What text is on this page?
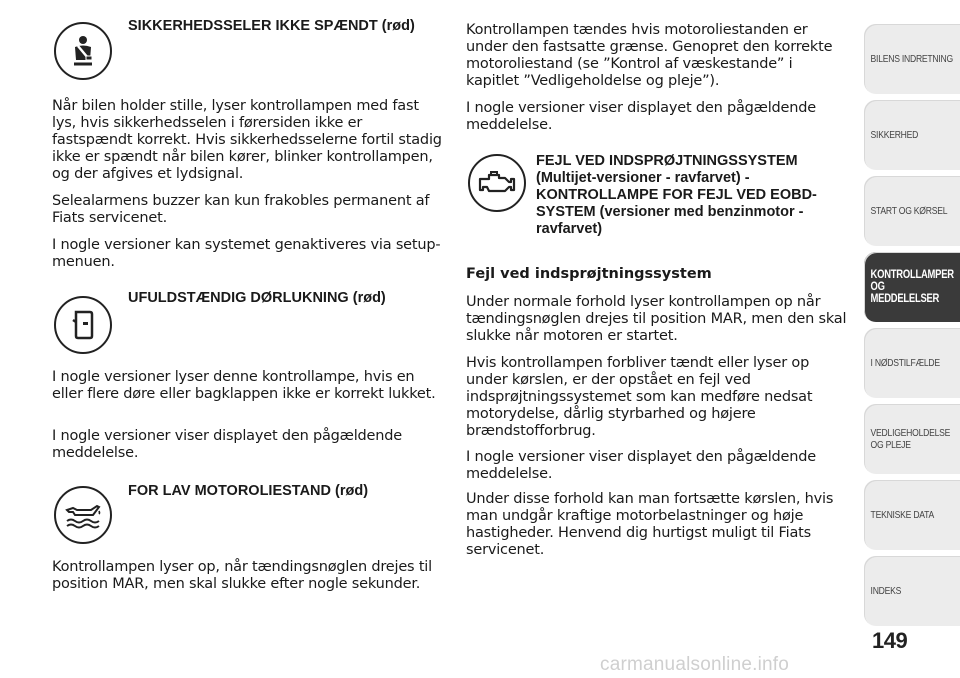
SIKKERHEDSSELER IKKE SPÆNDT (rød)

Når bilen holder stille, lyser kontrollampen med fast lys, hvis sikkerhedsselen i førersiden ikke er fastspændt korrekt. Hvis sikkerhedsselerne fortil stadig ikke er spændt når bilen kører, blinker kontrollampen, og der afgives et lydsignal.

Selealarmens buzzer kan kun frakobles permanent af Fiats servicenet.

I nogle versioner kan systemet genaktiveres via setup-menuen.

UFULDSTÆNDIG DØRLUKNING (rød)

I nogle versioner lyser denne kontrollampe, hvis en eller flere døre eller bagklappen ikke er korrekt lukket.

I nogle versioner viser displayet den pågældende meddelelse.

FOR LAV MOTOROLIESTAND (rød)

Kontrollampen lyser op, når tændingsnøglen drejes til position MAR, men skal slukke efter nogle sekunder.

Kontrollampen tændes hvis motoroliestanden er under den fastsatte grænse. Genopret den korrekte motoroliestand (se ”Kontrol af væskestande” i kapitlet ”Vedligeholdelse og pleje”).

I nogle versioner viser displayet den pågældende meddelelse.

FEJL VED INDSPRØJTNINGSSYSTEM (Multijet-versioner - ravfarvet) - KONTROLLAMPE FOR FEJL VED EOBD-SYSTEM (versioner med benzinmotor - ravfarvet)

Fejl ved indsprøjtningssystem

Under normale forhold lyser kontrollampen op når tændingsnøglen drejes til position MAR, men den skal slukke når motoren er startet.

Hvis kontrollampen forbliver tændt eller lyser op under kørslen, er der opstået en fejl ved indsprøjtningssystemet som kan medføre nedsat motorydelse, dårlig styrbarhed og højere brændstofforbrug.

I nogle versioner viser displayet den pågældende meddelelse.

Under disse forhold kan man fortsætte kørslen, hvis man undgår kraftige motorbelastninger og høje hastigheder. Henvend dig hurtigst muligt til Fiats servicenet.

BILENS INDRETNING
SIKKERHED
START OG KØRSEL
KONTROLLAMPER OG MEDDELELSER
I NØDSTILFÆLDE
VEDLIGEHOLDELSE OG PLEJE
TEKNISKE DATA
INDEKS
149
carmanualsonline.info
